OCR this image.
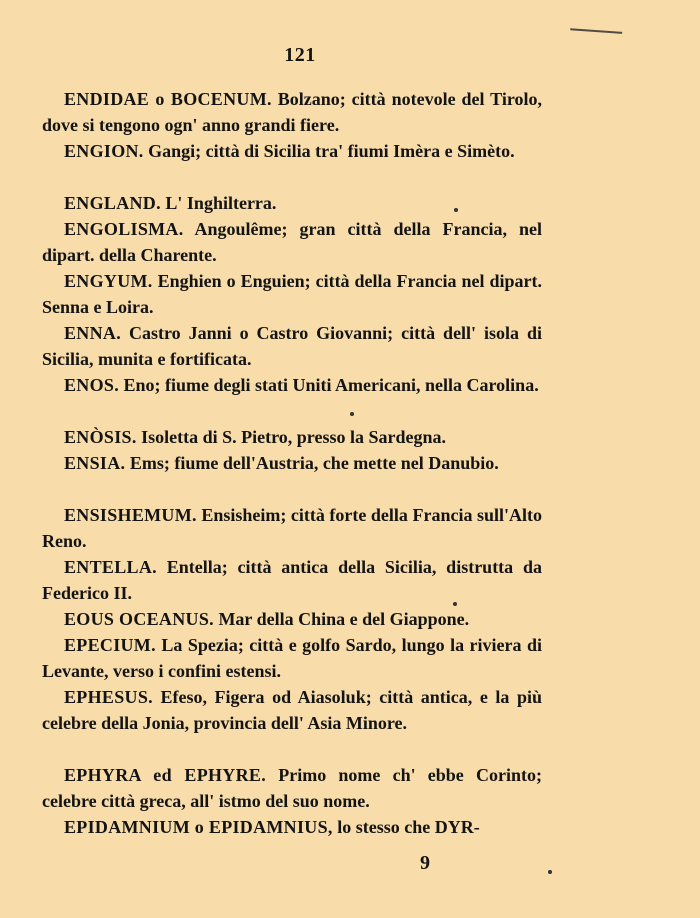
121

ENDIDAE o BOCENUM. Bolzano; città notevole del Tirolo, dove si tengono ogn' anno grandi fiere.

ENGION. Gangi; città di Sicilia tra' fiumi Imèra e Simèto.

ENGLAND. L' Inghilterra.

ENGOLISMA. Angoulême; gran città della Francia, nel dipart. della Charente.

ENGYUM. Enghien o Enguien; città della Francia nel dipart. Senna e Loira.

ENNA. Castro Janni o Castro Giovanni; città dell' isola di Sicilia, munita e fortificata.

ENOS. Eno; fiume degli stati Uniti Americani, nella Carolina.

ENÒSIS. Isoletta di S. Pietro, presso la Sardegna.

ENSIA. Ems; fiume dell'Austria, che mette nel Danubio.

ENSISHEMUM. Ensisheim; città forte della Francia sull'Alto Reno.

ENTELLA. Entella; città antica della Sicilia, distrutta da Federico II.

EOUS OCEANUS. Mar della China e del Giappone.

EPECIUM. La Spezia; città e golfo Sardo, lungo la riviera di Levante, verso i confini estensi.

EPHESUS. Efeso, Figera od Aiasoluk; città antica, e la più celebre della Jonia, provincia dell' Asia Minore.

EPHYRA ed EPHYRE. Primo nome ch' ebbe Corinto; celebre città greca, all' istmo del suo nome.

EPIDAMNIUM o EPIDAMNIUS, lo stesso che DYR-

9
